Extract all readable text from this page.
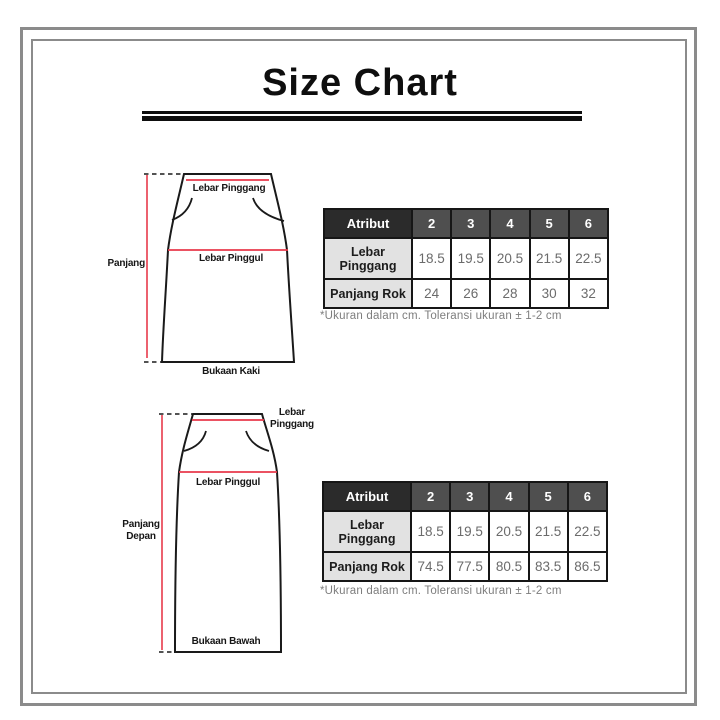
Size Chart
Panjang
Lebar Pinggang
Lebar Pinggul
Bukaan Kaki
Lebar Pinggang
Lebar Pinggul
Panjang Depan
Bukaan Bawah
Atribut	2	3	4	5	6
Lebar Pinggang	18.5	19.5	20.5	21.5	22.5
Panjang Rok	24	26	28	30	32
*Ukuran dalam cm. Toleransi ukuran ± 1-2 cm
Atribut	2	3	4	5	6
Lebar Pinggang	18.5	19.5	20.5	21.5	22.5
Panjang Rok	74.5	77.5	80.5	83.5	86.5
*Ukuran dalam cm. Toleransi ukuran ± 1-2 cm
